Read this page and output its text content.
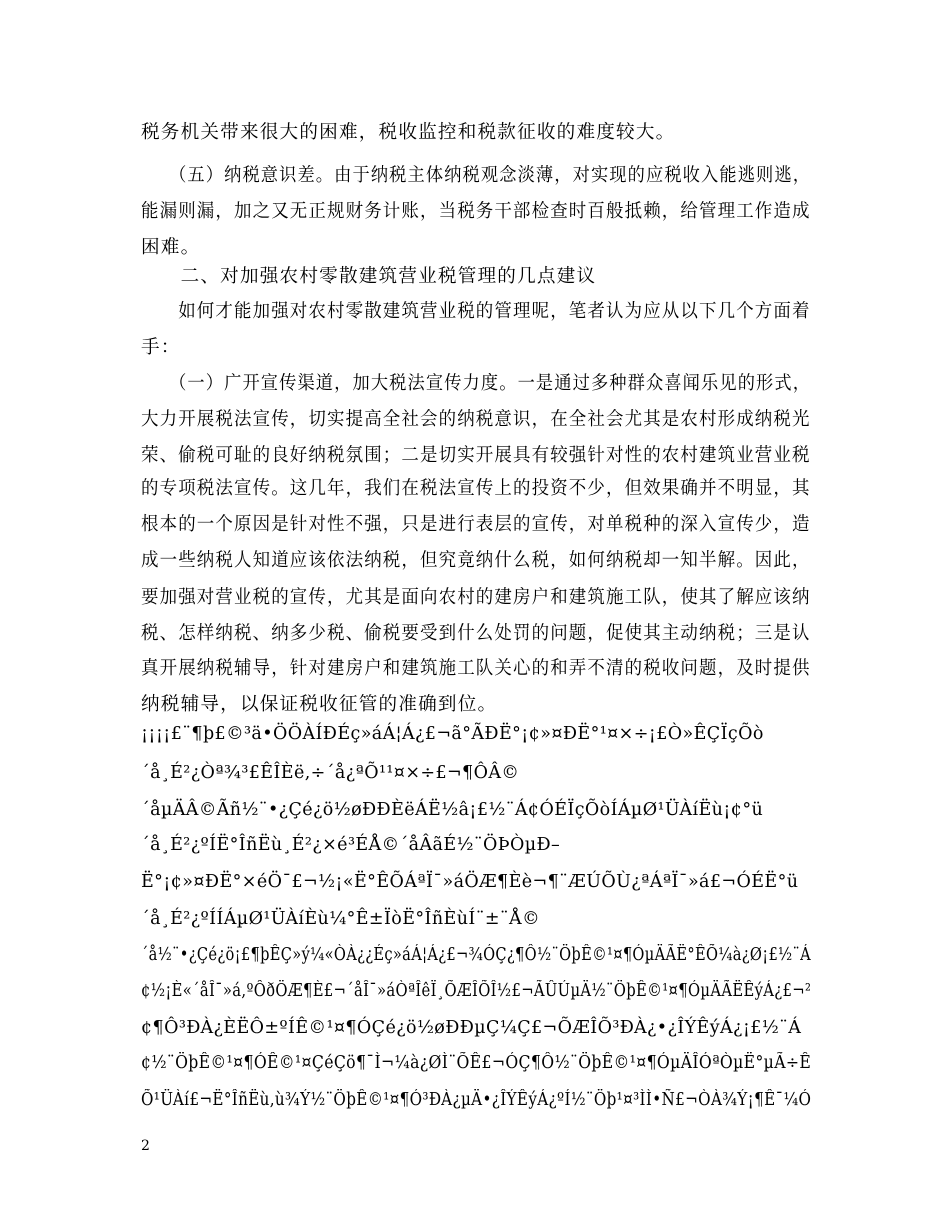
税务机关带来很大的困难，税收监控和税款征收的难度较大。
　　（五）纳税意识差。由于纳税主体纳税观念淡薄，对实现的应税收入能逃则逃，
能漏则漏，加之又无正规财务计账，当税务干部检查时百般抵赖，给管理工作造成
困难。
　　二、对加强农村零散建筑营业税管理的几点建议
　　如何才能加强对农村零散建筑营业税的管理呢，笔者认为应从以下几个方面着
手：
　　（一）广开宣传渠道，加大税法宣传力度。一是通过多种群众喜闻乐见的形式，
大力开展税法宣传，切实提高全社会的纳税意识，在全社会尤其是农村形成纳税光
荣、偷税可耻的良好纳税氛围；二是切实开展具有较强针对性的农村建筑业营业税
的专项税法宣传。这几年，我们在税法宣传上的投资不少，但效果确并不明显，其
根本的一个原因是针对性不强，只是进行表层的宣传，对单税种的深入宣传少，造
成一些纳税人知道应该依法纳税，但究竟纳什么税，如何纳税却一知半解。因此，
要加强对营业税的宣传，尤其是面向农村的建房户和建筑施工队，使其了解应该纳
税、怎样纳税、纳多少税、偷税要受到什么处罚的问题，促使其主动纳税；三是认
真开展纳税辅导，针对建房户和建筑施工队关心的和弄不清的税收问题，及时提供
纳税辅导，以保证税收征管的准确到位。
¡¡¡¡£¨¶þ£©³ä•ÖÖÀÍÐÉç»áÁ¦Á¿£¬ã°ÃÐË°¡¢»¤ÐË°¹¤×÷¡£Ò»ÊÇÏçÕò
´å¸É²¿Òª¾³£ÊÎÈë,÷´å¿ªÕ¹¹¤×÷£¬¶ÔÂ©
´åµÄÂ©Ãñ½¨•¿Çé¿ö½øÐÐÈëÁË½â¡£½¨Á¢ÓÉÏçÕòÍÁµØ¹ÜÀíËù¡¢°ü
´å¸É²¿ºÍË°ÎñËù¸É²¿×é³ÉÅ©´åÂãÉ½¨ÖÞÒµÐ–
Ë°¡¢»¤ÐË°×éÖ¯£¬½¡«Ë°ÊÕÁªÏ¯»áÖÆ¶Èè¬¶¨ÆÚÕÙ¿ªÁªÏ¯»á£¬ÓÉË°ü
´å¸É²¿ºÍÍÁµØ¹ÜÀíÈù¼°Ê±ÏòË°ÎñÈùÍ¨±¨Å©
´å½¨•¿Çé¿ö¡£¶þÊÇ»ý¼«ÒÀ¿¿Éç»áÁ¦Á¿£¬¾ÓÇ¿¶Ô½¨ÖþÊ©¹¤¶ÓµÄÃË°ÊÕ¼à¿Ø¡£½¨Á
¢½¡È«´åÎ¯»á,ºÔðÖÆ¶È£¬´åÎ¯»áÒªÎêÏ¸ÕÆÎÕÎ½£¬ÃÛÚµÄ½¨ÖþÊ©¹¤¶ÓµÄÃËÊýÁ¿£¬²
¢¶Ô³ÐÀ¿ÈËÔ±ºÍÊ©¹¤¶ÓÇé¿ö½øÐÐµÇ¼Ç£¬ÕÆÎÕ³ÐÀ¿•¿ÎÝÊýÁ¿¡£½¨Á
¢½¨ÖþÊ©¹¤¶ÓÊ©¹¤ÇéÇö¶¯Ì¬¼à¿ØÌ¨ÕÊ£¬ÓÇ¶Ô½¨ÖþÊ©¹¤¶ÓµÄÎÓªÒµË°µÃ÷Ê
Õ¹ÜÀí£¬Ë°ÎñËù,ù¾Ý½¨ÖþÊ©¹¤¶Ó³ÐÀ¿µÄ•¿ÎÝÊýÁ¿ºÍ½¨Öþ¹¤³ÌÌ•Ñ£¬ÒÀ¾Ý¡¶Ê¯¼Ó
2
